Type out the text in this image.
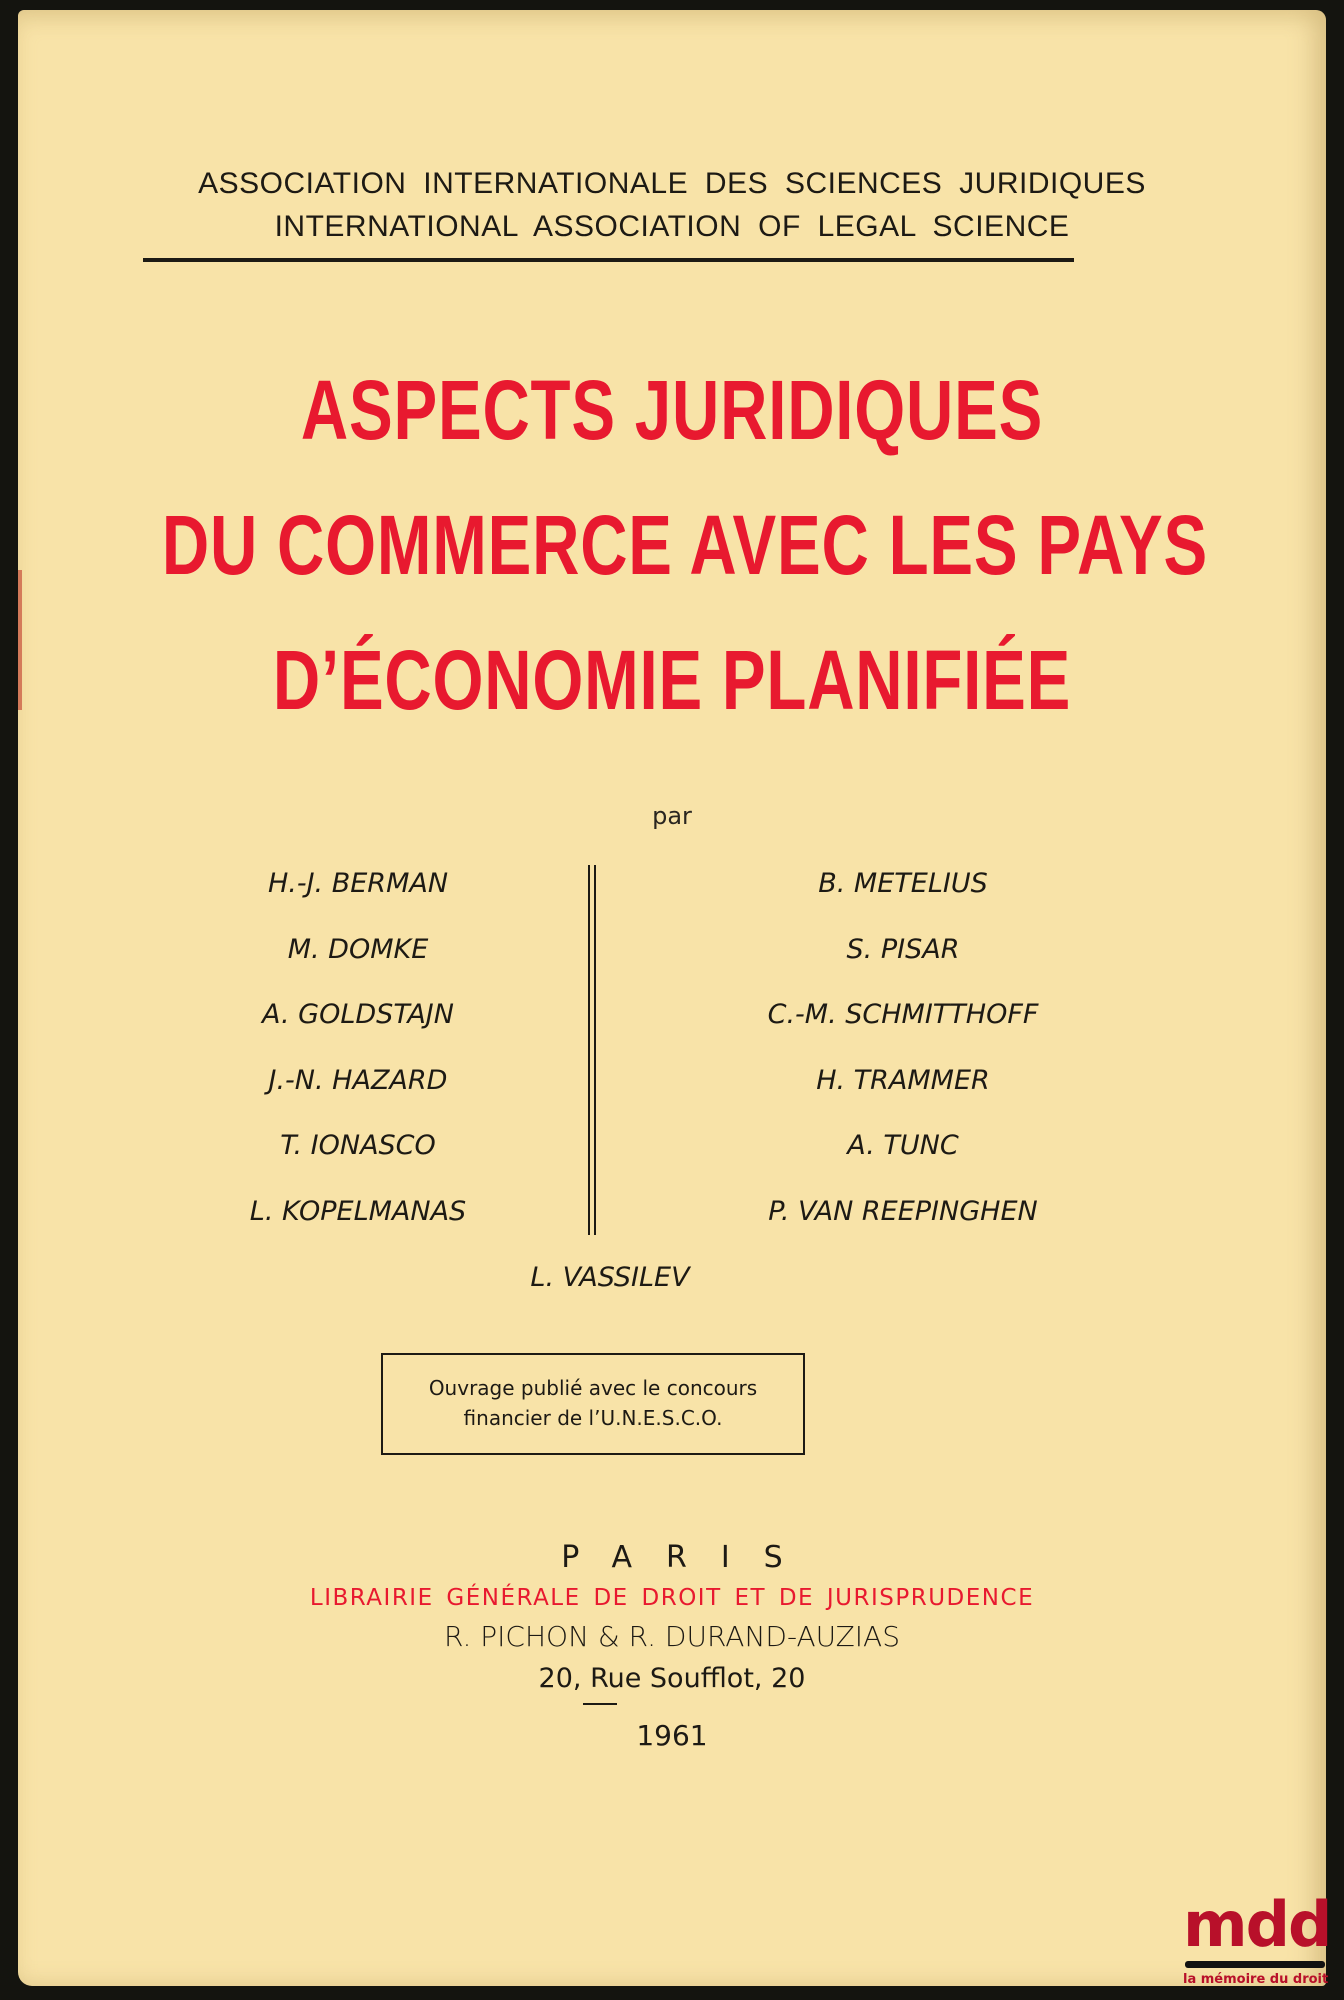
ASSOCIATION INTERNATIONALE DES SCIENCES JURIDIQUES
INTERNATIONAL ASSOCIATION OF LEGAL SCIENCE
ASPECTS JURIDIQUES
DU COMMERCE AVEC LES PAYS
D’ÉCONOMIE PLANIFIÉE
par
H.-J. BERMAN
M. DOMKE
A. GOLDSTAJN
J.-N. HAZARD
T. IONASCO
L. KOPELMANAS
B. METELIUS
S. PISAR
C.-M. SCHMITTHOFF
H. TRAMMER
A. TUNC
P. VAN REEPINGHEN
L. VASSILEV
Ouvrage publié avec le concours
financier de l’U.N.E.S.C.O.
PARIS
LIBRAIRIE GÉNÉRALE DE DROIT ET DE JURISPRUDENCE
R. PICHON & R. DURAND-AUZIAS
20, Rue Soufflot, 20
1961
mdd
la mémoire du droit
